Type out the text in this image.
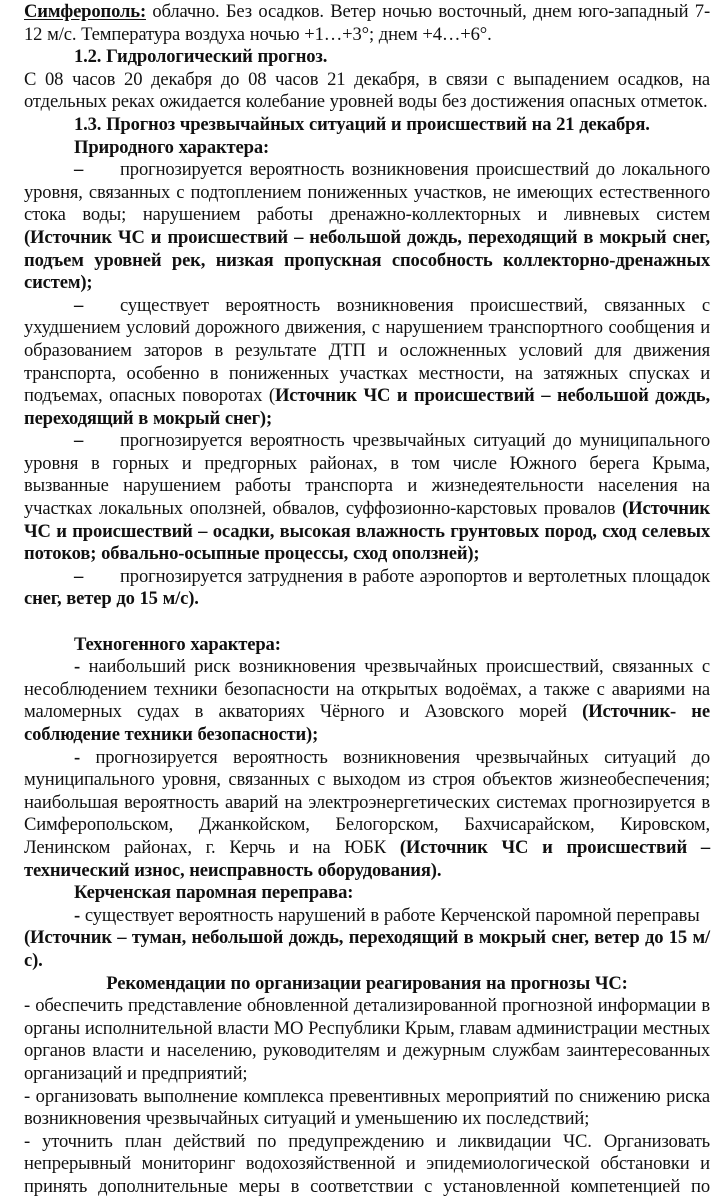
Симферополь: облачно. Без осадков. Ветер ночью восточный, днем юго-западный 7-12 м/с. Температура воздуха ночью +1…+3°; днем +4…+6°.

1.2. Гидрологический прогноз.

С 08 часов 20 декабря до 08 часов 21 декабря, в связи с выпадением осадков, на отдельных реках ожидается колебание уровней воды без достижения опасных отметок.

1.3. Прогноз чрезвычайных ситуаций и происшествий на 21 декабря.

Природного характера:

– прогнозируется вероятность возникновения происшествий до локального уровня, связанных с подтоплением пониженных участков, не имеющих естественного стока воды; нарушением работы дренажно-коллекторных и ливневых систем (Источник ЧС и происшествий – небольшой дождь, переходящий в мокрый снег, подъем уровней рек, низкая пропускная способность коллекторно-дренажных систем);

– существует вероятность возникновения происшествий, связанных с ухудшением условий дорожного движения, с нарушением транспортного сообщения и образованием заторов в результате ДТП и осложненных условий для движения транспорта, особенно в пониженных участках местности, на затяжных спусках и подъемах, опасных поворотах (Источник ЧС и происшествий – небольшой дождь, переходящий в мокрый снег);

– прогнозируется вероятность чрезвычайных ситуаций до муниципального уровня в горных и предгорных районах, в том числе Южного берега Крыма, вызванные нарушением работы транспорта и жизнедеятельности населения на участках локальных оползней, обвалов, суффозионно-карстовых провалов (Источник ЧС и происшествий – осадки, высокая влажность грунтовых пород, сход селевых потоков; обвально-осыпные процессы, сход оползней);

– прогнозируется затруднения в работе аэропортов и вертолетных площадок снег, ветер до 15 м/с).

Техногенного характера:

- наибольший риск возникновения чрезвычайных происшествий, связанных с несоблюдением техники безопасности на открытых водоёмах, а также с авариями на маломерных судах в акваториях Чёрного и Азовского морей (Источник- не соблюдение техники безопасности);

- прогнозируется вероятность возникновения чрезвычайных ситуаций до муниципального уровня, связанных с выходом из строя объектов жизнеобеспечения; наибольшая вероятность аварий на электроэнергетических системах прогнозируется в Симферопольском, Джанкойском, Белогорском, Бахчисарайском, Кировском, Ленинском районах, г. Керчь и на ЮБК (Источник ЧС и происшествий – технический износ, неисправность оборудования).

Керченская паромная переправа:

- существует вероятность нарушений в работе Керченской паромной переправы

(Источник – туман, небольшой дождь, переходящий в мокрый снег, ветер до 15 м/с).

Рекомендации по организации реагирования на прогнозы ЧС:

- обеспечить представление обновленной детализированной прогнозной информации в органы исполнительной власти МО Республики Крым, главам администрации местных органов власти и населению, руководителям и дежурным службам заинтересованных организаций и предприятий;

- организовать выполнение комплекса превентивных мероприятий по снижению риска возникновения чрезвычайных ситуаций и уменьшению их последствий;

- уточнить план действий по предупреждению и ликвидации ЧС. Организовать непрерывный мониторинг водохозяйственной и эпидемиологической обстановки и принять дополнительные меры в соответствии с установленной компетенцией по
